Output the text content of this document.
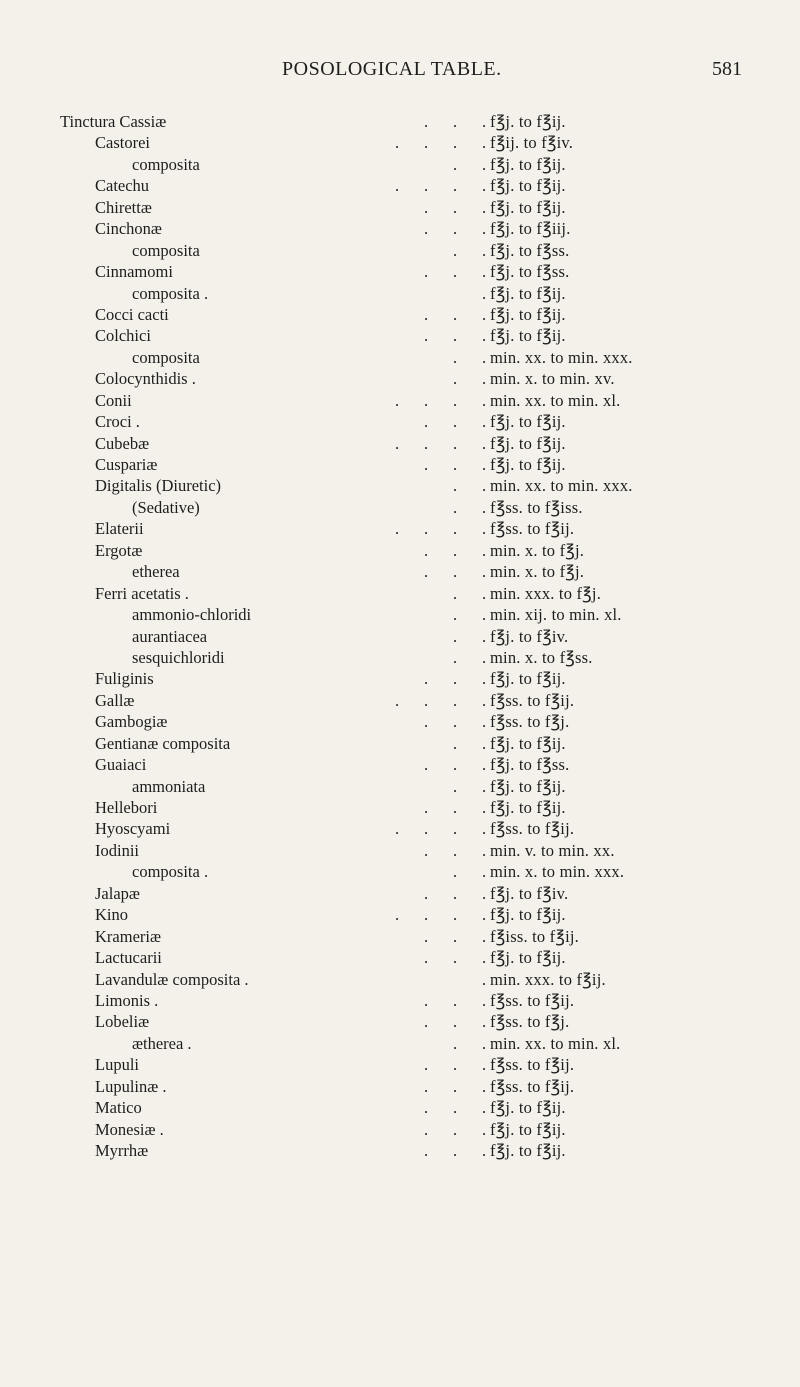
POSOLOGICAL TABLE.	581
Tinctura Cassiæ	. . . f℥j. to f℥ij.
Castorei	. . . . f℥ij. to f℥iv.
composita	. . f℥j. to f℥ij.
Catechu	. . . . f℥j. to f℥ij.
Chirettæ	. . . f℥j. to f℥ij.
Cinchonæ	. . . f℥j. to f℥iij.
composita	. . f℥j. to f℥ss.
Cinnamomi	. . . f℥j. to f℥ss.
composita .	. f℥j. to f℥ij.
Cocci cacti	. . . f℥j. to f℥ij.
Colchici	. . . f℥j. to f℥ij.
composita	. . min. xx. to min. xxx.
Colocynthidis .	. . min. x. to min. xv.
Conii	. . . . min. xx. to min. xl.
Croci .	. . . f℥j. to f℥ij.
Cubebæ	. . . . f℥j. to f℥ij.
Cuspariæ	. . . f℥j. to f℥ij.
Digitalis (Diuretic)	. . min. xx. to min. xxx.
(Sedative)	. . f℥ss. to f℥iss.
Elaterii	. . . . f℥ss. to f℥ij.
Ergotæ	. . . min. x. to f℥j.
etherea	. . . min. x. to f℥j.
Ferri acetatis .	. . min. xxx. to f℥j.
ammonio-chloridi	. . min. xij. to min. xl.
aurantiacea	. . f℥j. to f℥iv.
sesquichloridi	. . min. x. to f℥ss.
Fuliginis	. . . f℥j. to f℥ij.
Gallæ	. . . . f℥ss. to f℥ij.
Gambogiæ	. . . f℥ss. to f℥j.
Gentianæ composita	. . f℥j. to f℥ij.
Guaiaci	. . . f℥j. to f℥ss.
ammoniata	. . f℥j. to f℥ij.
Hellebori	. . . f℥j. to f℥ij.
Hyoscyami	. . . . f℥ss. to f℥ij.
Iodinii	. . . min. v. to min. xx.
composita .	. . min. x. to min. xxx.
Jalapæ	. . . f℥j. to f℥iv.
Kino	. . . . f℥j. to f℥ij.
Krameriæ	. . . f℥iss. to f℥ij.
Lactucarii	. . . f℥j. to f℥ij.
Lavandulæ composita .	. min. xxx. to f℥ij.
Limonis .	. . . f℥ss. to f℥ij.
Lobeliæ	. . . f℥ss. to f℥j.
ætherea .	. . min. xx. to min. xl.
Lupuli	. . . f℥ss. to f℥ij.
Lupulinæ .	. . . f℥ss. to f℥ij.
Matico	. . . f℥j. to f℥ij.
Monesiæ .	. . . f℥j. to f℥ij.
Myrrhæ	. . . f℥j. to f℥ij.
